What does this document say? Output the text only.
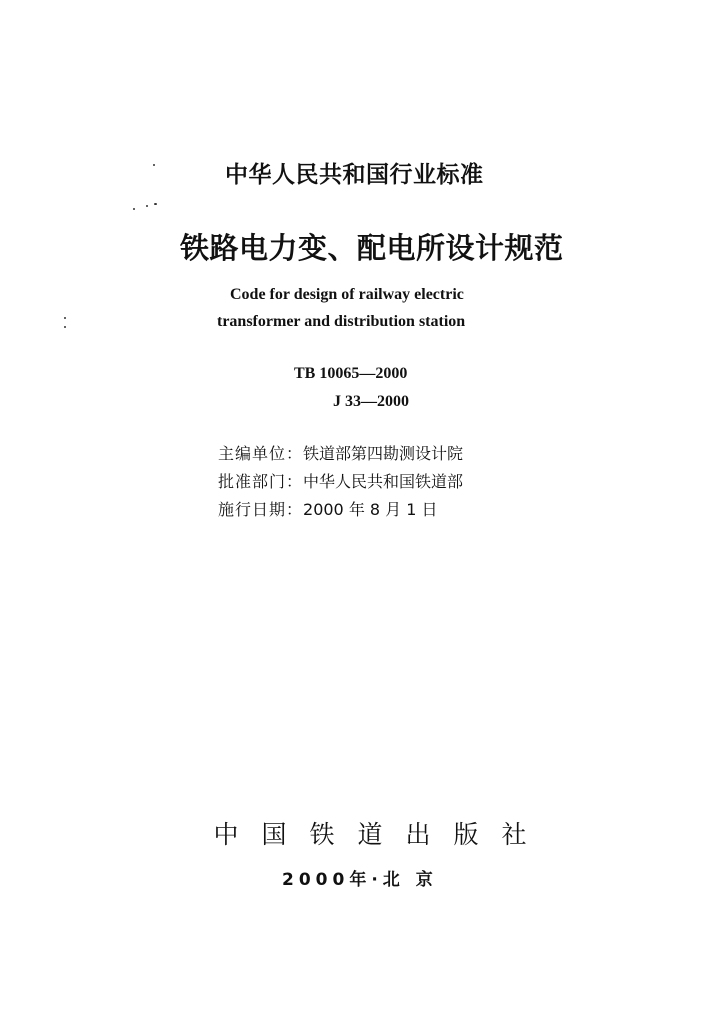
中华人民共和国行业标准
铁路电力变、配电所设计规范
Code for design of railway electric
transformer and distribution station
TB 10065—2000
J 33—2000
主编单位： 铁道部第四勘测设计院
批准部门： 中华人民共和国铁道部
施行日期： 2000 年 8 月 1 日
中 国 铁 道 出 版 社
2000年·北 京
